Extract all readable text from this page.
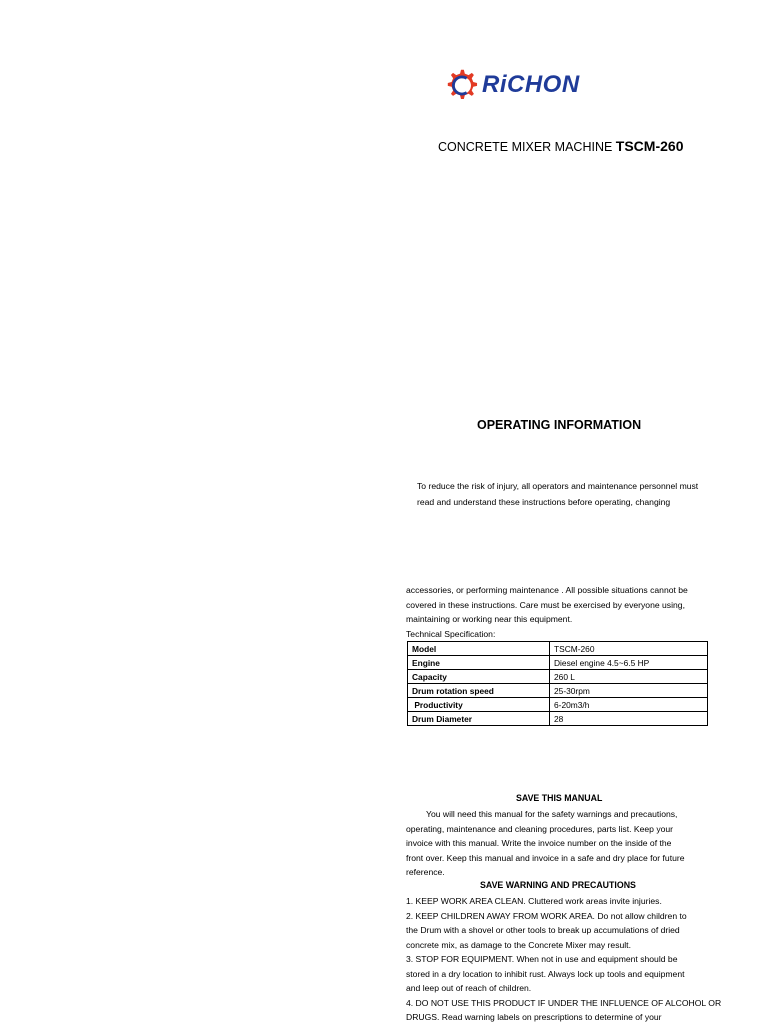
RiCHON
CONCRETE MIXER MACHINE TSCM-260
OPERATING INFORMATION
To reduce the risk of injury, all operators and maintenance personnel must
read and understand these instructions before operating, changing
accessories, or performing maintenance . All possible situations cannot be
covered in these instructions. Care must be exercised by everyone using,
maintaining or working near this equipment.
Technical Specification:
Model	TSCM-260
Engine	Diesel engine 4.5~6.5 HP
Capacity	260 L
Drum rotation speed	25-30rpm
Productivity	6-20m3/h
Drum Diameter	28
SAVE THIS MANUAL
You will need this manual for the safety warnings and precautions,
operating, maintenance and cleaning procedures, parts list. Keep your
invoice with this manual. Write the invoice number on the inside of the
front over. Keep this manual and invoice in a safe and dry place for future
reference.
SAVE WARNING AND PRECAUTIONS
1. KEEP WORK AREA CLEAN. Cluttered work areas invite injuries.
2. KEEP CHILDREN AWAY FROM WORK AREA. Do not allow children to
the Drum with a shovel or other tools to break up accumulations of dried
concrete mix, as damage to the Concrete Mixer may result.
3. STOP FOR EQUIPMENT. When not in use and equipment should be
stored in a dry location to inhibit rust. Always lock up tools and equipment
and leep out of reach of children.
4. DO NOT USE THIS PRODUCT IF UNDER THE INFLUENCE OF ALCOHOL OR
DRUGS. Read warning labels on prescriptions to determine of your
